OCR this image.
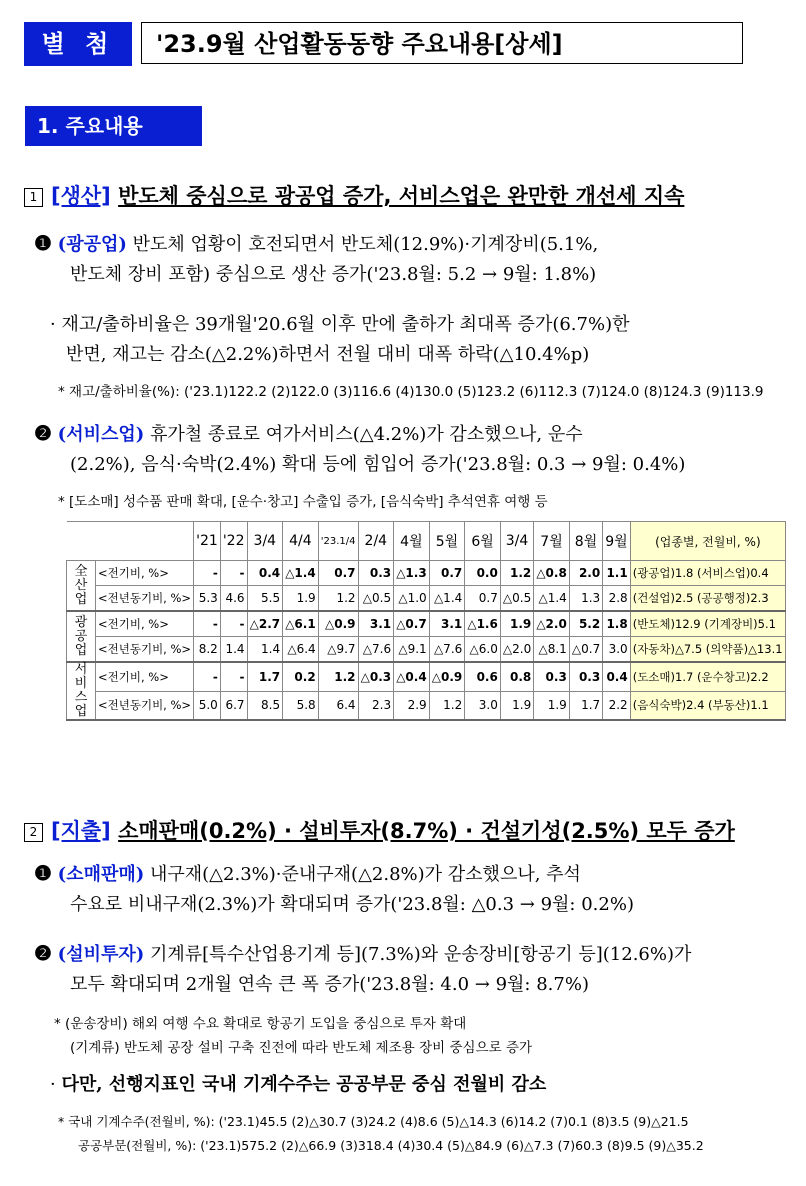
별 첨	'23.9월 산업활동동향 주요내용[상세]
1. 주요내용
1 [생산] 반도체 중심으로 광공업 증가, 서비스업은 완만한 개선세 지속
❶ (광공업) 반도체 업황이 호전되면서 반도체(12.9%)·기계장비(5.1%,
반도체 장비 포함) 중심으로 생산 증가('23.8월: 5.2 → 9월: 1.8%)
· 재고/출하비율은 39개월'20.6월 이후 만에 출하가 최대폭 증가(6.7%)한
반면, 재고는 감소(△2.2%)하면서 전월 대비 대폭 하락(△10.4%p)
* 재고/출하비율(%): ('23.1)122.2 (2)122.0 (3)116.6 (4)130.0 (5)123.2 (6)112.3 (7)124.0 (8)124.3 (9)113.9
❷ (서비스업) 휴가철 종료로 여가서비스(△4.2%)가 감소했으나, 운수
(2.2%), 음식·숙박(2.4%) 확대 등에 힘입어 증가('23.8월: 0.3 → 9월: 0.4%)
* [도소매] 성수품 판매 확대, [운수·창고] 수출입 증가, [음식숙박] 추석연휴 여행 등
		'21	'22	3/4	4/4	'23.1/4	2/4	4월	5월	6월	3/4	7월	8월	9월	(업종별, 전월비, %)
全산업	<전기비, %>	-	-	0.4	△1.4	0.7	0.3	△1.3	0.7	0.0	1.2	△0.8	2.0	1.1	(광공업)1.8 (서비스업)0.4
	<전년동기비, %>	5.3	4.6	5.5	1.9	1.2	△0.5	△1.0	△1.4	0.7	△0.5	△1.4	1.3	2.8	(건설업)2.5 (공공행정)2.3
광공업	<전기비, %>	-	-	△2.7	△6.1	△0.9	3.1	△0.7	3.1	△1.6	1.9	△2.0	5.2	1.8	(반도체)12.9 (기계장비)5.1
	<전년동기비, %>	8.2	1.4	1.4	△6.4	△9.7	△7.6	△9.1	△7.6	△6.0	△2.0	△8.1	△0.7	3.0	(자동차)△7.5 (의약품)△13.1
서비스업	<전기비, %>	-	-	1.7	0.2	1.2	△0.3	△0.4	△0.9	0.6	0.8	0.3	0.3	0.4	(도소매)1.7 (운수창고)2.2
	<전년동기비, %>	5.0	6.7	8.5	5.8	6.4	2.3	2.9	1.2	3.0	1.9	1.9	1.7	2.2	(음식숙박)2.4 (부동산)1.1
2 [지출] 소매판매(0.2%) · 설비투자(8.7%) · 건설기성(2.5%) 모두 증가
❶ (소매판매) 내구재(△2.3%)·준내구재(△2.8%)가 감소했으나, 추석
수요로 비내구재(2.3%)가 확대되며 증가('23.8월: △0.3 → 9월: 0.2%)
❷ (설비투자) 기계류[특수산업용기계 등](7.3%)와 운송장비[항공기 등](12.6%)가
모두 확대되며 2개월 연속 큰 폭 증가('23.8월: 4.0 → 9월: 8.7%)
* (운송장비) 해외 여행 수요 확대로 항공기 도입을 중심으로 투자 확대
(기계류) 반도체 공장 설비 구축 진전에 따라 반도체 제조용 장비 중심으로 증가
· 다만, 선행지표인 국내 기계수주는 공공부문 중심 전월비 감소
* 국내 기계수주(전월비, %): ('23.1)45.5 (2)△30.7 (3)24.2 (4)8.6 (5)△14.3 (6)14.2 (7)0.1 (8)3.5 (9)△21.5
공공부문(전월비, %): ('23.1)575.2 (2)△66.9 (3)318.4 (4)30.4 (5)△84.9 (6)△7.3 (7)60.3 (8)9.5 (9)△35.2
